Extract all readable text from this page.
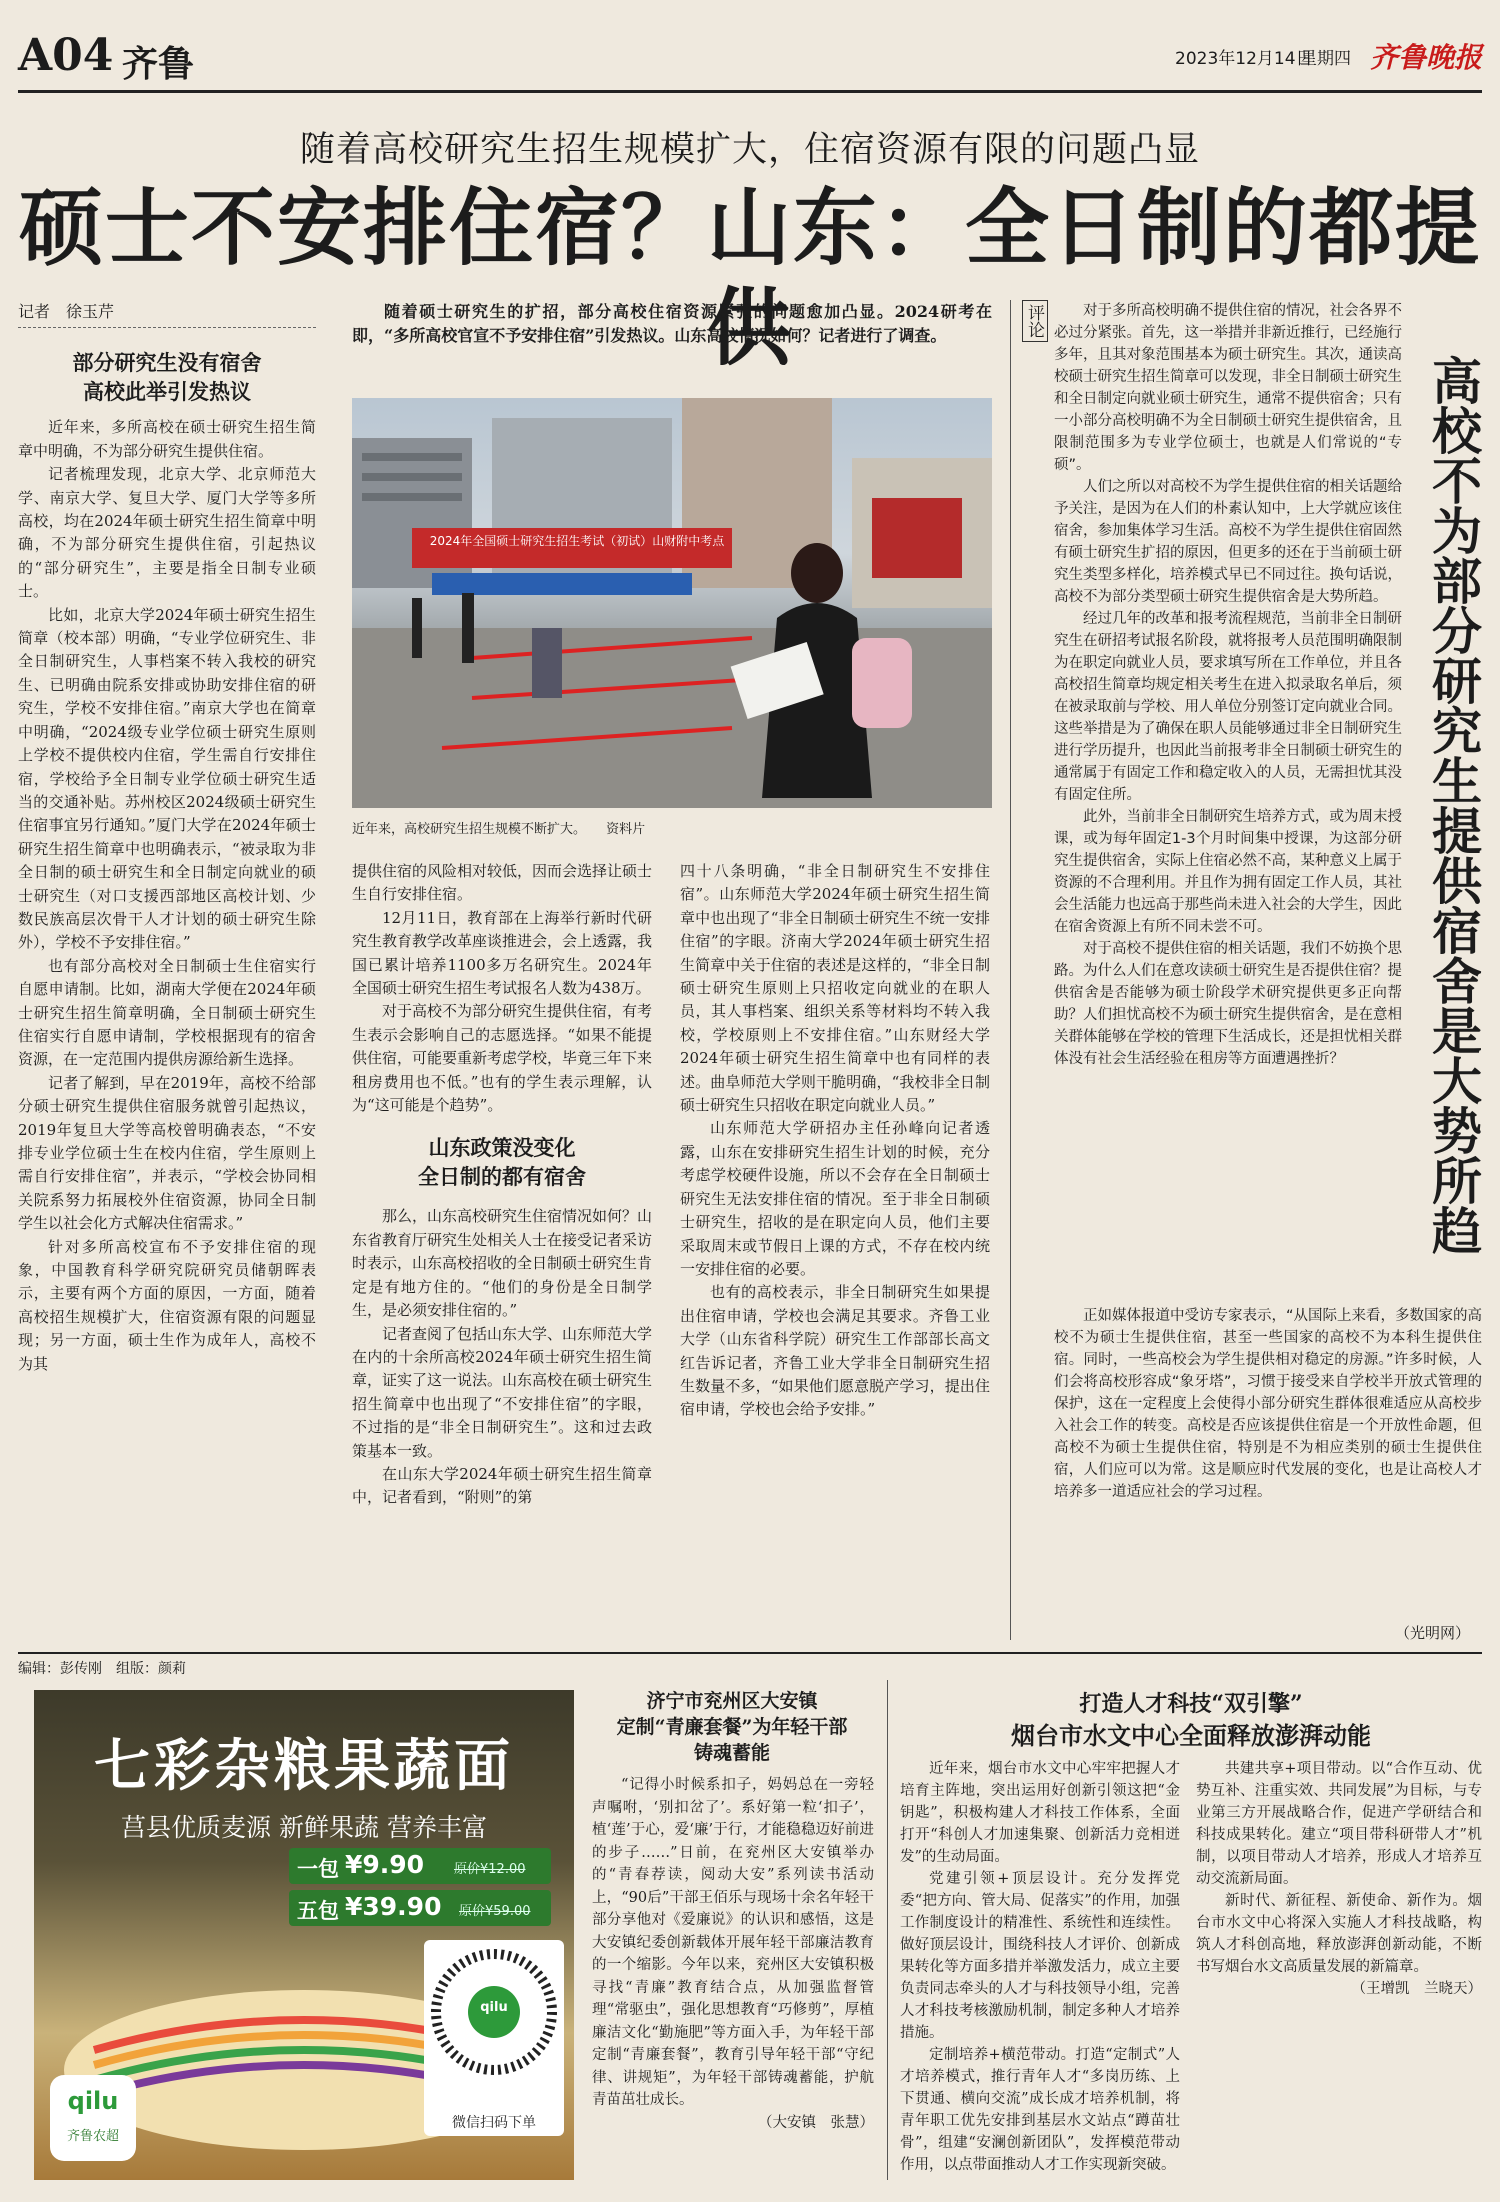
A04 齐鲁	2023年12月14日
星期四 齐鲁晚报
随着高校研究生招生规模扩大，住宿资源有限的问题凸显
硕士不安排住宿？山东：全日制的都提供
记者　徐玉芹
部分研究生没有宿舍
高校此举引发热议

近年来，多所高校在硕士研究生招生简章中明确，不为部分研究生提供住宿。

记者梳理发现，北京大学、北京师范大学、南京大学、复旦大学、厦门大学等多所高校，均在2024年硕士研究生招生简章中明确，不为部分研究生提供住宿，引起热议的“部分研究生”，主要是指全日制专业硕士。

比如，北京大学2024年硕士研究生招生简章（校本部）明确，“专业学位研究生、非全日制研究生，人事档案不转入我校的研究生、已明确由院系安排或协助安排住宿的研究生，学校不安排住宿。”南京大学也在简章中明确，“2024级专业学位硕士研究生原则上学校不提供校内住宿，学生需自行安排住宿，学校给予全日制专业学位硕士研究生适当的交通补贴。苏州校区2024级硕士研究生住宿事宜另行通知。”厦门大学在2024年硕士研究生招生简章中也明确表示，“被录取为非全日制的硕士研究生和全日制定向就业的硕士研究生（对口支援西部地区高校计划、少数民族高层次骨干人才计划的硕士研究生除外），学校不予安排住宿。”

也有部分高校对全日制硕士生住宿实行自愿申请制。比如，湖南大学便在2024年硕士研究生招生简章明确，全日制硕士研究生住宿实行自愿申请制，学校根据现有的宿舍资源，在一定范围内提供房源给新生选择。

记者了解到，早在2019年，高校不给部分硕士研究生提供住宿服务就曾引起热议，2019年复旦大学等高校曾明确表态，“不安排专业学位硕士生在校内住宿，学生原则上需自行安排住宿”，并表示，“学校会协同相关院系努力拓展校外住宿资源，协同全日制学生以社会化方式解决住宿需求。”

针对多所高校宣布不予安排住宿的现象，中国教育科学研究院研究员储朝晖表示，主要有两个方面的原因，一方面，随着高校招生规模扩大，住宿资源有限的问题显现；另一方面，硕士生作为成年人，高校不为其

随着硕士研究生的扩招，部分高校住宿资源紧张的问题愈加凸显。2024研考在即，“多所高校官宣不予安排住宿”引发热议。山东高校情况如何？记者进行了调查。
2024年全国硕士研究生招生考试（初试）山财附中考点
近年来，高校研究生招生规模不断扩大。 资料片

提供住宿的风险相对较低，因而会选择让硕士生自行安排住宿。

12月11日，教育部在上海举行新时代研究生教育教学改革座谈推进会，会上透露，我国已累计培养1100多万名研究生。2024年全国硕士研究生招生考试报名人数为438万。

对于高校不为部分研究生提供住宿，有考生表示会影响自己的志愿选择。“如果不能提供住宿，可能要重新考虑学校，毕竟三年下来租房费用也不低。”也有的学生表示理解，认为“这可能是个趋势”。

山东政策没变化
全日制的都有宿舍

那么，山东高校研究生住宿情况如何？山东省教育厅研究生处相关人士在接受记者采访时表示，山东高校招收的全日制硕士研究生肯定是有地方住的。“他们的身份是全日制学生，是必须安排住宿的。”

记者查阅了包括山东大学、山东师范大学在内的十余所高校2024年硕士研究生招生简章，证实了这一说法。山东高校在硕士研究生招生简章中也出现了“不安排住宿”的字眼，不过指的是“非全日制研究生”。这和过去政策基本一致。

在山东大学2024年硕士研究生招生简章中，记者看到，“附则”的第

四十八条明确，“非全日制研究生不安排住宿”。山东师范大学2024年硕士研究生招生简章中也出现了“非全日制硕士研究生不统一安排住宿”的字眼。济南大学2024年硕士研究生招生简章中关于住宿的表述是这样的，“非全日制硕士研究生原则上只招收定向就业的在职人员，其人事档案、组织关系等材料均不转入我校，学校原则上不安排住宿。”山东财经大学2024年硕士研究生招生简章中也有同样的表述。曲阜师范大学则干脆明确，“我校非全日制硕士研究生只招收在职定向就业人员。”

山东师范大学研招办主任孙峰向记者透露，山东在安排研究生招生计划的时候，充分考虑学校硬件设施，所以不会存在全日制硕士研究生无法安排住宿的情况。至于非全日制硕士研究生，招收的是在职定向人员，他们主要采取周末或节假日上课的方式，不存在校内统一安排住宿的必要。

也有的高校表示，非全日制研究生如果提出住宿申请，学校也会满足其要求。齐鲁工业大学（山东省科学院）研究生工作部部长高文红告诉记者，齐鲁工业大学非全日制研究生招生数量不多，“如果他们愿意脱产学习，提出住宿申请，学校也会给予安排。”

评论
高校不为部分研究生提供宿舍是大势所趋

对于多所高校明确不提供住宿的情况，社会各界不必过分紧张。首先，这一举措并非新近推行，已经施行多年，且其对象范围基本为硕士研究生。其次，通读高校硕士研究生招生简章可以发现，非全日制硕士研究生和全日制定向就业硕士研究生，通常不提供宿舍；只有一小部分高校明确不为全日制硕士研究生提供宿舍，且限制范围多为专业学位硕士，也就是人们常说的“专硕”。

人们之所以对高校不为学生提供住宿的相关话题给予关注，是因为在人们的朴素认知中，上大学就应该住宿舍，参加集体学习生活。高校不为学生提供住宿固然有硕士研究生扩招的原因，但更多的还在于当前硕士研究生类型多样化，培养模式早已不同过往。换句话说，高校不为部分类型硕士研究生提供宿舍是大势所趋。

经过几年的改革和报考流程规范，当前非全日制研究生在研招考试报名阶段，就将报考人员范围明确限制为在职定向就业人员，要求填写所在工作单位，并且各高校招生简章均规定相关考生在进入拟录取名单后，须在被录取前与学校、用人单位分别签订定向就业合同。这些举措是为了确保在职人员能够通过非全日制研究生进行学历提升，也因此当前报考非全日制硕士研究生的通常属于有固定工作和稳定收入的人员，无需担忧其没有固定住所。

此外，当前非全日制研究生培养方式，或为周末授课，或为每年固定1-3个月时间集中授课，为这部分研究生提供宿舍，实际上住宿必然不高，某种意义上属于资源的不合理利用。并且作为拥有固定工作人员，其社会生活能力也远高于那些尚未进入社会的大学生，因此在宿舍资源上有所不同未尝不可。

对于高校不提供住宿的相关话题，我们不妨换个思路。为什么人们在意攻读硕士研究生是否提供住宿？提供宿舍是否能够为硕士阶段学术研究提供更多正向帮助？人们担忧高校不为硕士研究生提供宿舍，是在意相关群体能够在学校的管理下生活成长，还是担忧相关群体没有社会生活经验在租房等方面遭遇挫折？

正如媒体报道中受访专家表示，“从国际上来看，多数国家的高校不为硕士生提供住宿，甚至一些国家的高校不为本科生提供住宿。同时，一些高校会为学生提供相对稳定的房源。”许多时候，人们会将高校形容成“象牙塔”，习惯于接受来自学校半开放式管理的保护，这在一定程度上会使得小部分研究生群体很难适应从高校步入社会工作的转变。高校是否应该提供住宿是一个开放性命题，但高校不为硕士生提供住宿，特别是不为相应类别的硕士生提供住宿，人们应可以为常。这是顺应时代发展的变化，也是让高校人才培养多一道适应社会的学习过程。

（光明网）
编辑：彭传刚　组版：颜莉
七彩杂粮果蔬面
莒县优质麦源 新鲜果蔬 营养丰富
一包 ¥9.90 原价¥12.00
五包 ¥39.90 原价¥59.00
qilu
齐鲁农超
qilu
微信扫码下单
济宁市兖州区大安镇
定制“青廉套餐”为年轻干部
铸魂蓄能

“记得小时候系扣子，妈妈总在一旁轻声嘱咐，‘别扣岔了’。系好第一粒‘扣子’，植‘莲’于心，爱‘廉’于行，才能稳稳迈好前进的步子……”日前，在兖州区大安镇举办的“青春荐读，阅动大安”系列读书活动上，“90后”干部王佰乐与现场十余名年轻干部分享他对《爱廉说》的认识和感悟，这是大安镇纪委创新载体开展年轻干部廉洁教育的一个缩影。今年以来，兖州区大安镇积极寻找“青廉”教育结合点，从加强监督管理“常驱虫”，强化思想教育“巧修剪”，厚植廉洁文化“勤施肥”等方面入手，为年轻干部定制“青廉套餐”，教育引导年轻干部“守纪律、讲规矩”，为年轻干部铸魂蓄能，护航青苗茁壮成长。

（大安镇　张慧）
打造人才科技“双引擎”
烟台市水文中心全面释放澎湃动能

近年来，烟台市水文中心牢牢把握人才培育主阵地，突出运用好创新引领这把“金钥匙”，积极构建人才科技工作体系，全面打开“科创人才加速集聚、创新活力竞相迸发”的生动局面。

党建引领+顶层设计。充分发挥党委“把方向、管大局、促落实”的作用，加强工作制度设计的精准性、系统性和连续性。做好顶层设计，围绕科技人才评价、创新成果转化等方面多措并举激发活力，成立主要负责同志牵头的人才与科技领导小组，完善人才科技考核激励机制，制定多种人才培养措施。

定制培养+横范带动。打造“定制式”人才培养模式，推行青年人才“多岗历练、上下贯通、横向交流”成长成才培养机制，将青年职工优先安排到基层水文站点“蹲苗壮骨”，组建“安澜创新团队”，发挥模范带动作用，以点带面推动人才工作实现新突破。

共建共享+项目带动。以“合作互动、优势互补、注重实效、共同发展”为目标，与专业第三方开展战略合作，促进产学研结合和科技成果转化。建立“项目带科研带人才”机制，以项目带动人才培养，形成人才培养互动交流新局面。

新时代、新征程、新使命、新作为。烟台市水文中心将深入实施人才科技战略，构筑人才科创高地，释放澎湃创新动能，不断书写烟台水文高质量发展的新篇章。

（王增凯　兰晓天）
